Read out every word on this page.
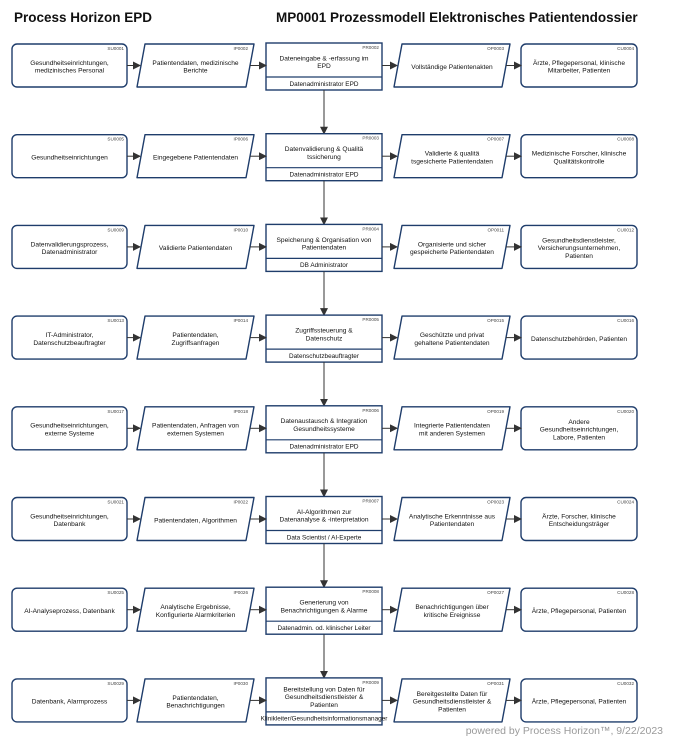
Process Horizon EPD	MP0001 Prozessmodell Elektronisches Patientendossier
SU0001
Gesundheitseinrichtungen, medizinisches Personal
IP0002
Patientendaten, medizinische Berichte
PR0002
Dateneingabe & -erfassung im EPD
Datenadministrator EPD
OP0003
Vollständige Patientenakten
CU0004
Ärzte, Pflegepersonal, klinische Mitarbeiter, Patienten
SU0005
Gesundheitseinrichtungen
IP0006
Eingegebene Patientendaten
PR0003
Datenvalidierung & Qualitä tssicherung
Datenadministrator EPD
OP0007
Validierte & qualitä tsgesicherte Patientendaten
CU0008
Medizinische Forscher, klinische Qualitätskontrolle
SU0009
Datenvalidierungsprozess, Datenadministrator
IP0010
Validierte Patientendaten
PR0004
Speicherung & Organisation von Patientendaten
DB Administrator
OP0011
Organisierte und sicher gespeicherte Patientendaten
CU0012
Gesundheitsdienstleister, Versicherungsunternehmen, Patienten
SU0013
IT-Administrator, Datenschutzbeauftragter
IP0014
Patientendaten, Zugriffsanfragen
PR0005
Zugriffssteuerung & Datenschutz
Datenschutzbeauftragter
OP0015
Geschützte und privat gehaltene Patientendaten
CU0016
Datenschutzbehörden, Patienten
SU0017
Gesundheitseinrichtungen, externe Systeme
IP0018
Patientendaten, Anfragen von externen Systemen
PR0006
Datenaustausch & Integration Gesundheitssysteme
Datenadministrator EPD
OP0019
Integrierte Patientendaten mit anderen Systemen
CU0020
Andere Gesundheitseinrichtungen, Labore, Patienten
SU0021
Gesundheitseinrichtungen, Datenbank
IP0022
Patientendaten, Algorithmen
PR0007
AI-Algorithmen zur Datenanalyse & -interpretation
Data Scientist / AI-Experte
OP0023
Analytische Erkenntnisse aus Patientendaten
CU0024
Ärzte, Forscher, klinische Entscheidungsträger
SU0025
AI-Analyseprozess, Datenbank
IP0026
Analytische Ergebnisse, Konfigurierte Alarmkriterien
PR0008
Generierung von Benachrichtigungen & Alarme
Datenadmin. od. klinischer Leiter
OP0027
Benachrichtigungen über kritische Ereignisse
CU0028
Ärzte, Pflegepersonal, Patienten
SU0029
Datenbank, Alarmprozess
IP0030
Patientendaten, Benachrichtigungen
PR0009
Bereitstellung von Daten für Gesundheitsdienstleister & Patienten
Klinikleiter/Gesundheitsinformationsmanager
OP0031
Bereitgestellte Daten für Gesundheitsdienstleister & Patienten
CU0032
Ärzte, Pflegepersonal, Patienten
powered by Process Horizon™, 9/22/2023
